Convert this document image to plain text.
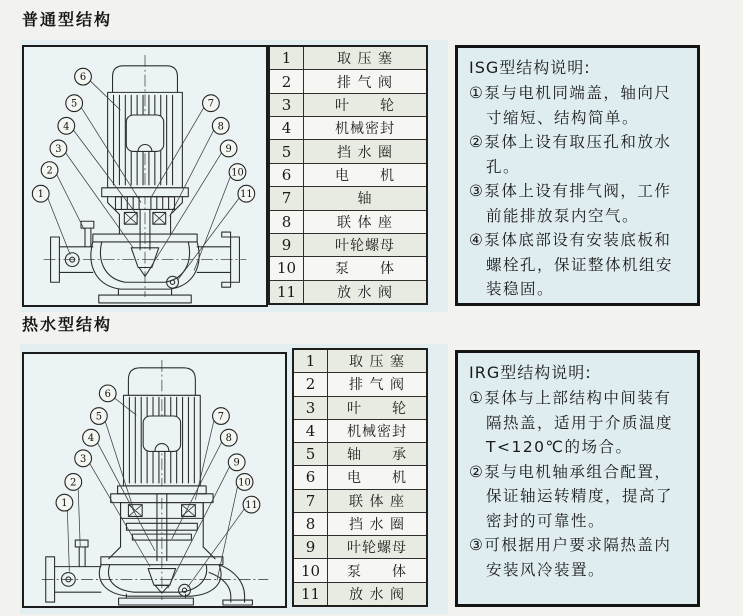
普通型结构
1
2
3
4
5
6
7
8
9
10
11
1	取 压 塞
2	排 气 阀
3	叶　　轮
4	机械密封
5	挡 水 圈
6	电　　机
7	轴
8	联 体 座
9	叶轮螺母
10	泵　　体
11	放 水 阀
ISG型结构说明:
①泵与电机同端盖，轴向尺寸缩短、结构简单。
②泵体上设有取压孔和放水孔。
③泵体上设有排气阀，工作前能排放泵内空气。
④泵体底部设有安装底板和螺栓孔，保证整体机组安装稳固。
热水型结构
1
2
3
4
5
6
7
8
9
10
11
1	取 压 塞
2	排 气 阀
3	叶　　轮
4	机械密封
5	轴　　承
6	电　　机
7	联 体 座
8	挡 水 圈
9	叶轮螺母
10	泵　　体
11	放 水 阀
IRG型结构说明:
①泵体与上部结构中间装有隔热盖，适用于介质温度T<120℃的场合。
②泵与电机轴承组合配置，保证轴运转精度，提高了密封的可靠性。
③可根据用户要求隔热盖内安装风冷装置。
